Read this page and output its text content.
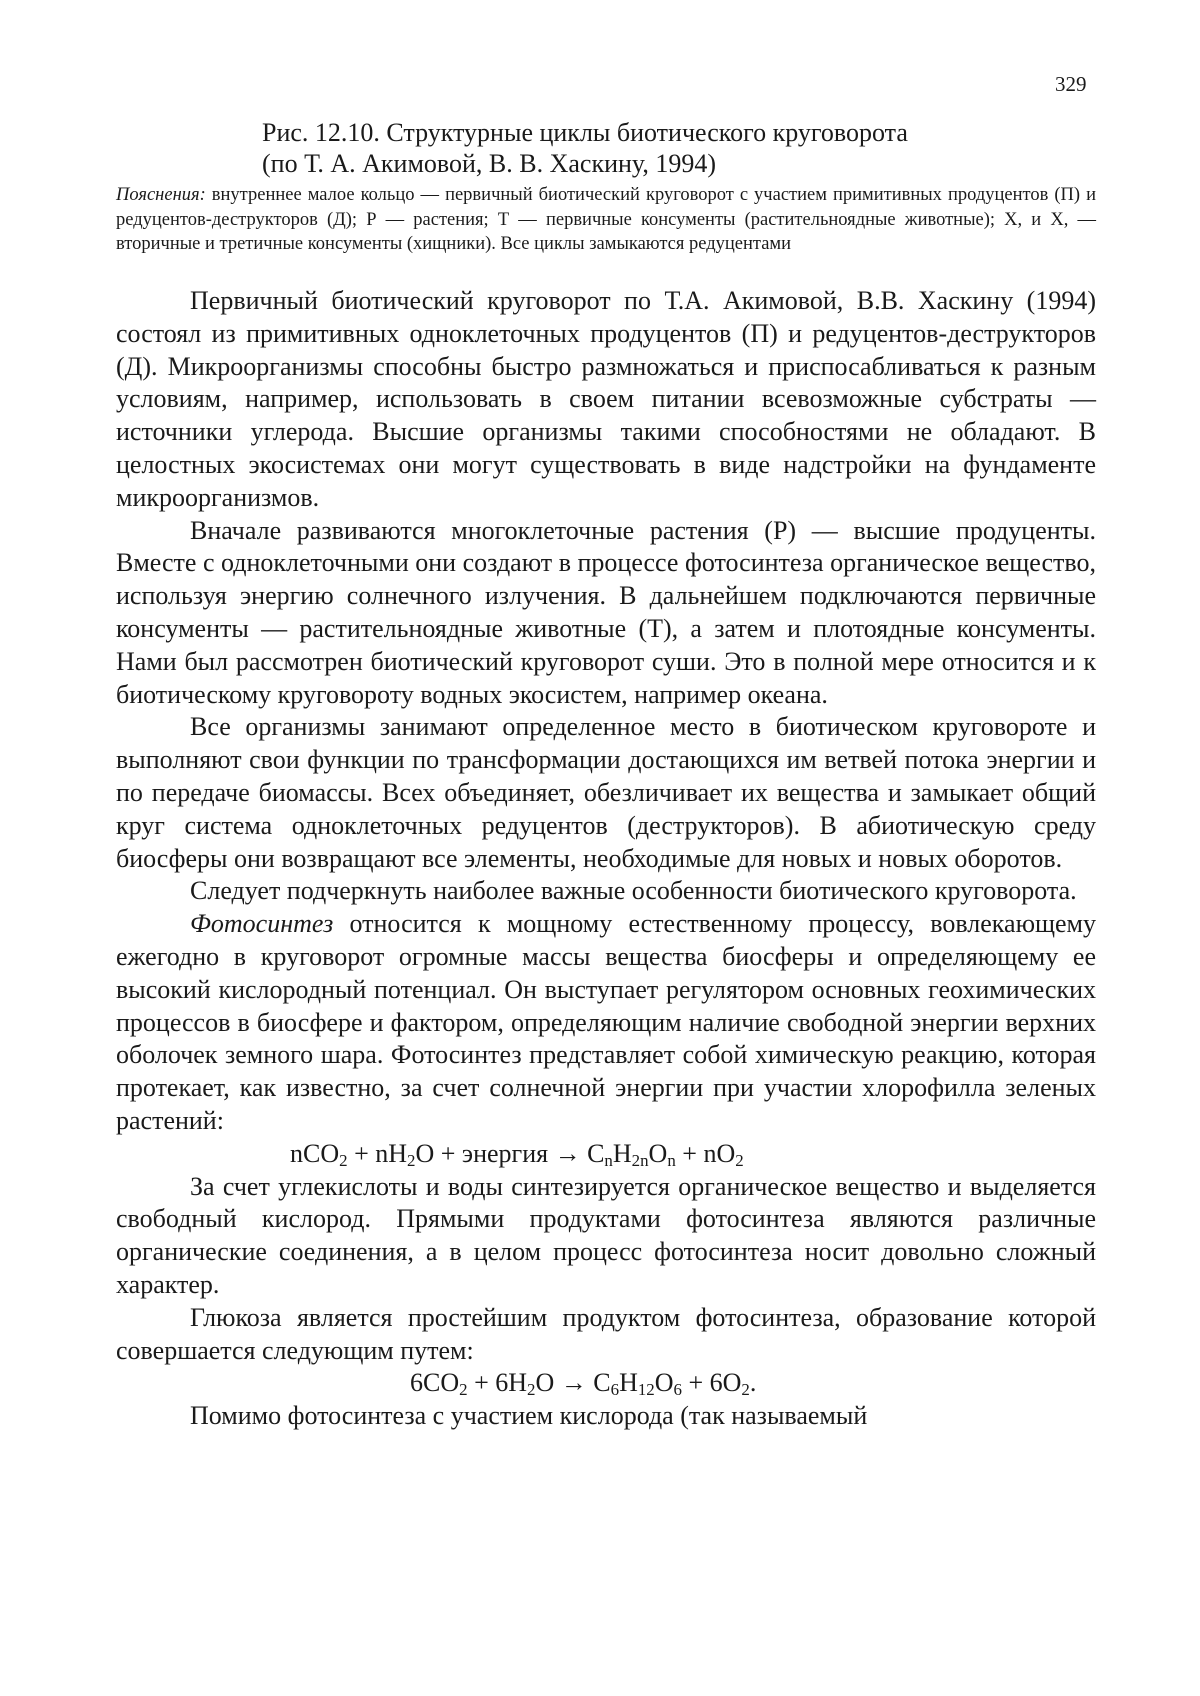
329
Рис. 12.10. Структурные циклы биотического круговорота
(по Т. А. Акимовой, В. В. Хаскину, 1994)
Пояснения: внутреннее малое кольцо — первичный биотический круговорот с участием примитивных продуцентов (П) и редуцентов-деструкторов (Д); Р — растения; Т — первичные консументы (растительноядные животные); Х, и Х, — вторичные и третичные консументы (хищники). Все циклы замыкаются редуцентами

Первичный биотический круговорот по Т.А. Акимовой, В.В. Хаскину (1994) состоял из примитивных одноклеточных продуцентов (П) и редуцентов-деструкторов (Д). Микроорганизмы способны быстро размножаться и приспосабливаться к разным условиям, например, использовать в своем питании всевозможные субстраты — источники углерода. Высшие организмы такими способностями не обладают. В целостных экосистемах они могут существовать в виде надстройки на фундаменте микроорганизмов.

Вначале развиваются многоклеточные растения (Р) — высшие продуценты. Вместе с одноклеточными они создают в процессе фотосинтеза органическое вещество, используя энергию солнечного излучения. В дальнейшем подключаются первичные консументы — растительноядные животные (Т), а затем и плотоядные консументы. Нами был рассмотрен биотический круговорот суши. Это в полной мере относится и к биотическому круговороту водных экосистем, например океана.

Все организмы занимают определенное место в биотическом круговороте и выполняют свои функции по трансформации достающихся им ветвей потока энергии и по передаче биомассы. Всех объединяет, обезличивает их вещества и замыкает общий круг система одноклеточных редуцентов (деструкторов). В абиотическую среду биосферы они возвращают все элементы, необходимые для новых и новых оборотов.

Следует подчеркнуть наиболее важные особенности биотического круговорота.

Фотосинтез относится к мощному естественному процессу, вовлекающему ежегодно в круговорот огромные массы вещества биосферы и определяющему ее высокий кислородный потенциал. Он выступает регулятором основных геохимических процессов в биосфере и фактором, определяющим наличие свободной энергии верхних оболочек земного шара. Фотосинтез представляет собой химическую реакцию, которая протекает, как известно, за счет солнечной энергии при участии хлорофилла зеленых растений:

$nCO_2 + nH_2O$ + энергия → $C_nH_{2n}O_n + nO_2$

За счет углекислоты и воды синтезируется органическое вещество и выделяется свободный кислород. Прямыми продуктами фотосинтеза являются различные органические соединения, а в целом процесс фотосинтеза носит довольно сложный характер.

Глюкоза является простейшим продуктом фотосинтеза, образование которой совершается следующим путем:

$6CO_2 + 6H_2O \to C_6H_{12}O_6 + 6O_2$.

Помимо фотосинтеза с участием кислорода (так называемый
